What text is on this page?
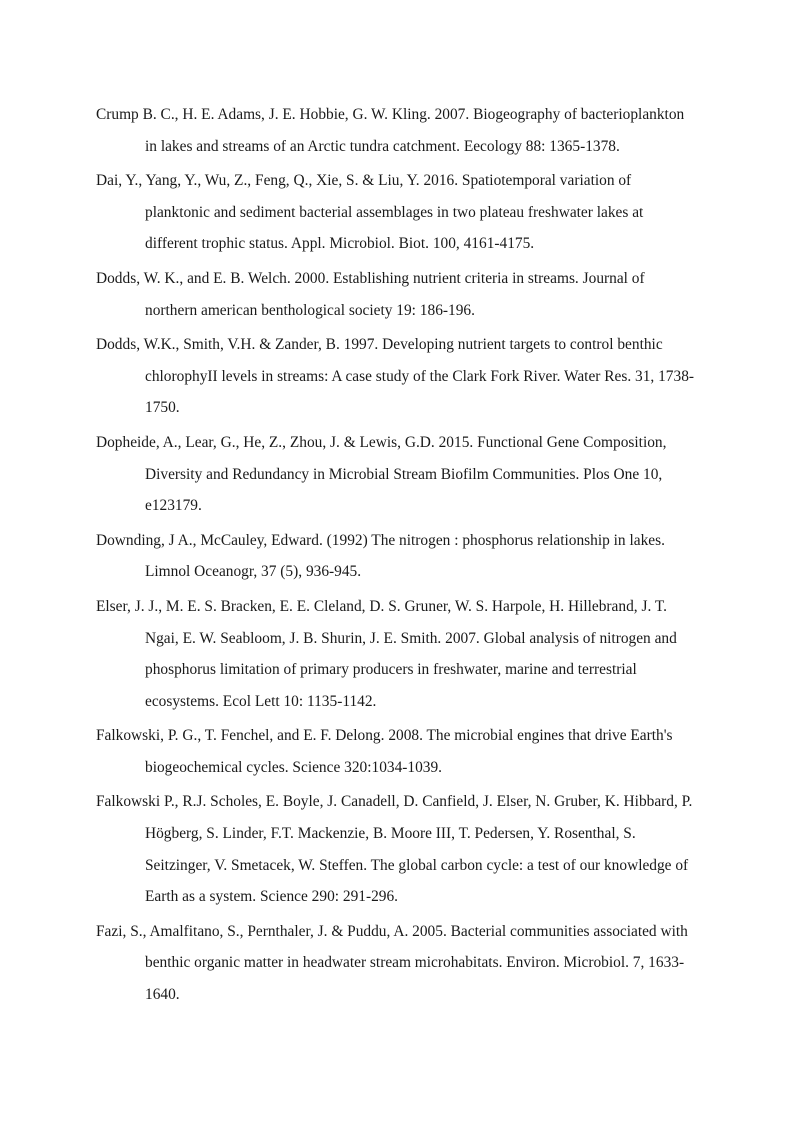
Crump B. C., H. E. Adams, J. E. Hobbie, G. W. Kling. 2007. Biogeography of bacterioplankton in lakes and streams of an Arctic tundra catchment. Eecology 88: 1365-1378.
Dai, Y., Yang, Y., Wu, Z., Feng, Q., Xie, S. & Liu, Y. 2016. Spatiotemporal variation of planktonic and sediment bacterial assemblages in two plateau freshwater lakes at different trophic status. Appl. Microbiol. Biot. 100, 4161-4175.
Dodds, W. K., and E. B. Welch. 2000. Establishing nutrient criteria in streams. Journal of northern american benthological society 19: 186-196.
Dodds, W.K., Smith, V.H. & Zander, B. 1997. Developing nutrient targets to control benthic chlorophyII levels in streams: A case study of the Clark Fork River. Water Res. 31, 1738-1750.
Dopheide, A., Lear, G., He, Z., Zhou, J. & Lewis, G.D. 2015. Functional Gene Composition, Diversity and Redundancy in Microbial Stream Biofilm Communities. Plos One 10, e123179.
Downding, J A., McCauley, Edward. (1992) The nitrogen : phosphorus relationship in lakes. Limnol Oceanogr, 37 (5), 936-945.
Elser, J. J., M. E. S. Bracken, E. E. Cleland, D. S. Gruner, W. S. Harpole, H. Hillebrand, J. T. Ngai, E. W. Seabloom, J. B. Shurin, J. E. Smith. 2007. Global analysis of nitrogen and phosphorus limitation of primary producers in freshwater, marine and terrestrial ecosystems. Ecol Lett 10: 1135-1142.
Falkowski, P. G., T. Fenchel, and E. F. Delong. 2008. The microbial engines that drive Earth's biogeochemical cycles. Science 320:1034-1039.
Falkowski P., R.J. Scholes, E. Boyle, J. Canadell, D. Canfield, J. Elser, N. Gruber, K. Hibbard, P. Högberg, S. Linder, F.T. Mackenzie, B. Moore III, T. Pedersen, Y. Rosenthal, S. Seitzinger, V. Smetacek, W. Steffen. The global carbon cycle: a test of our knowledge of Earth as a system. Science 290: 291-296.
Fazi, S., Amalfitano, S., Pernthaler, J. & Puddu, A. 2005. Bacterial communities associated with benthic organic matter in headwater stream microhabitats. Environ. Microbiol. 7, 1633-1640.
